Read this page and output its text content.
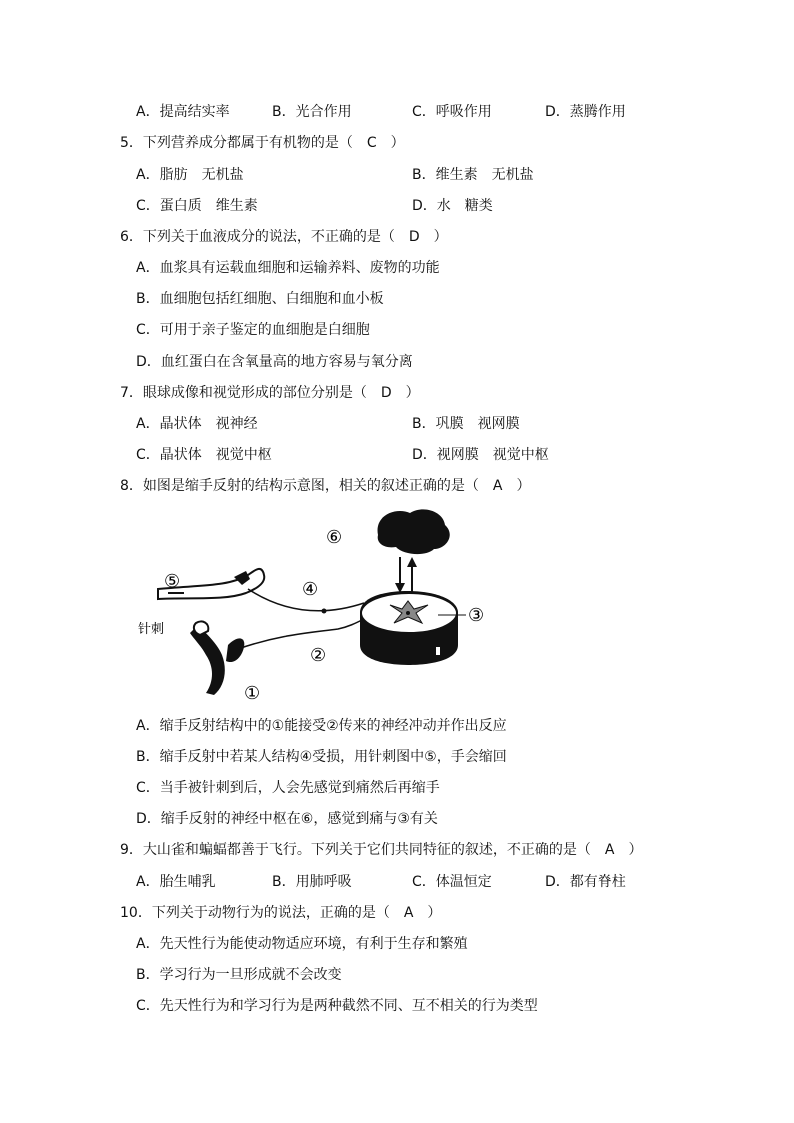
A．提高结实率	B．光合作用	C．呼吸作用	D．蒸腾作用
5．下列营养成分都属于有机物的是（　C　）
A．脂肪　无机盐	B．维生素　无机盐
C．蛋白质　维生素	D．水　糖类
6．下列关于血液成分的说法，不正确的是（　D　）
A．血浆具有运载血细胞和运输养料、废物的功能
B．血细胞包括红细胞、白细胞和血小板
C．可用于亲子鉴定的血细胞是白细胞
D．血红蛋白在含氧量高的地方容易与氧分离
7．眼球成像和视觉形成的部位分别是（　D　）
A．晶状体　视神经	B．巩膜　视网膜
C．晶状体　视觉中枢	D．视网膜　视觉中枢
8．如图是缩手反射的结构示意图，相关的叙述正确的是（　A　）
⑥
⑤	④
③
②
①
针刺
A．缩手反射结构中的①能接受②传来的神经冲动并作出反应
B．缩手反射中若某人结构④受损，用针刺图中⑤，手会缩回
C．当手被针刺到后，人会先感觉到痛然后再缩手
D．缩手反射的神经中枢在⑥，感觉到痛与③有关
9．大山雀和蝙蝠都善于飞行。下列关于它们共同特征的叙述，不正确的是（　A　）
A．胎生哺乳	B．用肺呼吸	C．体温恒定	D．都有脊柱
10．下列关于动物行为的说法，正确的是（　A　）
A．先天性行为能使动物适应环境，有利于生存和繁殖
B．学习行为一旦形成就不会改变
C．先天性行为和学习行为是两种截然不同、互不相关的行为类型
